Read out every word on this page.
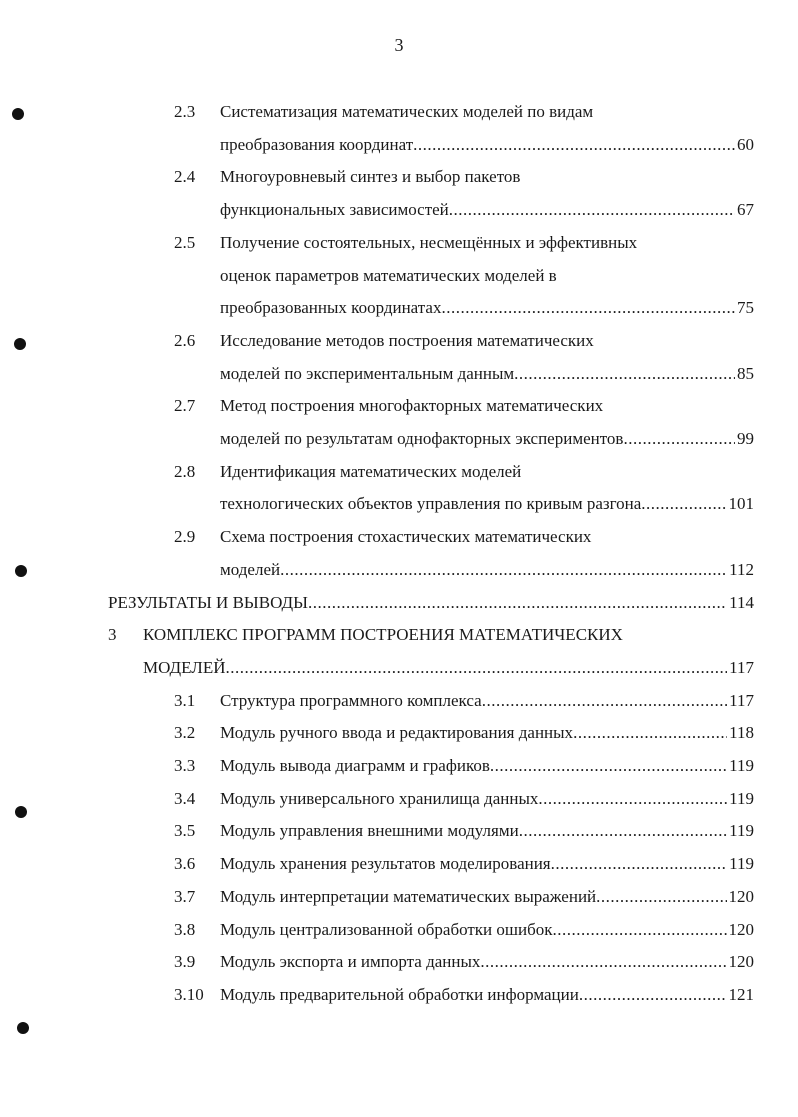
3
2.3	Систематизация математических моделей по видам
преобразования координат .....	60
2.4	Многоуровневый синтез и выбор пакетов
функциональных зависимостей .....	67
2.5	Получение состоятельных, несмещённых и эффективных
оценок параметров математических моделей в
преобразованных координатах .....	75
2.6	Исследование методов построения математических
моделей по экспериментальным данным .....	85
2.7	Метод построения многофакторных математических
моделей по результатам однофакторных экспериментов .....	99
2.8	Идентификация математических моделей
технологических объектов управления по кривым разгона .....	101
2.9	Схема построения стохастических математических
моделей .....	112
РЕЗУЛЬТАТЫ И ВЫВОДЫ .....	114
3	КОМПЛЕКС ПРОГРАММ ПОСТРОЕНИЯ МАТЕМАТИЧЕСКИХ
МОДЕЛЕЙ .....	117
3.1	Структура программного комплекса .....	117
3.2	Модуль ручного ввода и редактирования данных .....	118
3.3	Модуль вывода диаграмм и графиков .....	119
3.4	Модуль универсального хранилища данных .....	119
3.5	Модуль управления внешними модулями .....	119
3.6	Модуль хранения результатов моделирования .....	119
3.7	Модуль интерпретации математических выражений .....	120
3.8	Модуль централизованной обработки ошибок .....	120
3.9	Модуль экспорта и импорта данных .....	120
3.10 Модуль предварительной обработки информации .....	121
